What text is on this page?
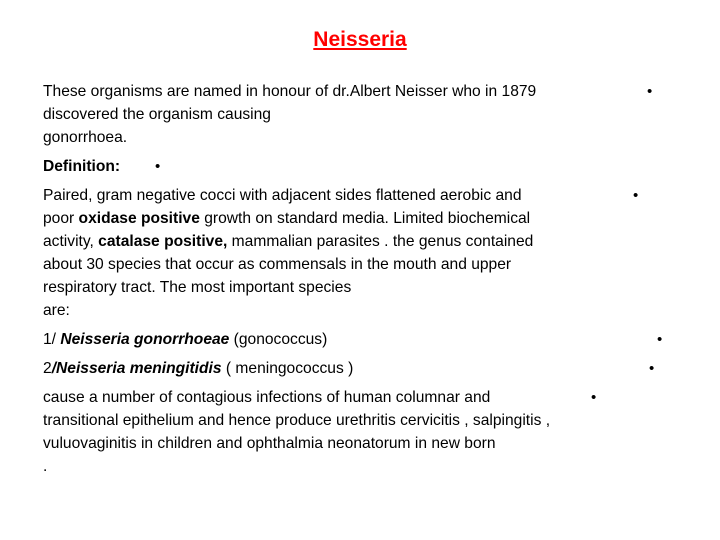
Neisseria
These organisms are named in honour of dr.Albert Neisser who in 1879
discovered the organism causing
gonorrhoea.
•
Definition:	•
Paired, gram negative cocci with adjacent sides flattened aerobic and
poor oxidase positive growth on standard media. Limited biochemical
activity, catalase positive, mammalian parasites . the genus contained
about 30 species that occur as commensals in the mouth and upper
respiratory tract. The most important species
are:
•
1/ Neisseria gonorrhoeae (gonococcus)	•
2/Neisseria meningitidis ( meningococcus )	•
cause a number of contagious infections of human columnar and
transitional epithelium and hence produce urethritis cervicitis , salpingitis ,
vuluovaginitis in children and ophthalmia neonatorum in new born
.
•
